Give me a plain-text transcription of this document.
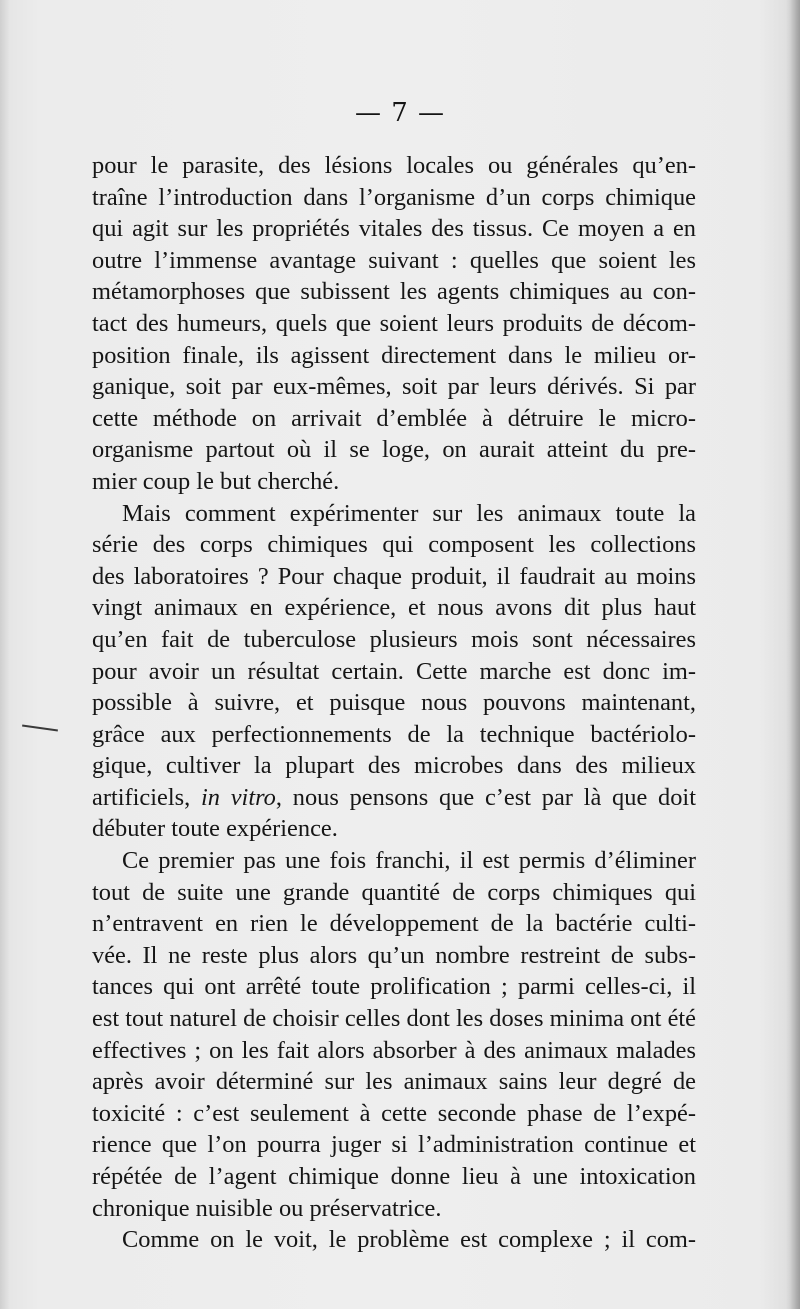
— 7 —
pour le parasite, des lésions locales ou générales qu’en-
traîne l’introduction dans l’organisme d’un corps chimique
qui agit sur les propriétés vitales des tissus. Ce moyen a en
outre l’immense avantage suivant : quelles que soient les
métamorphoses que subissent les agents chimiques au con-
tact des humeurs, quels que soient leurs produits de décom-
position finale, ils agissent directement dans le milieu or-
ganique, soit par eux-mêmes, soit par leurs dérivés. Si par
cette méthode on arrivait d’emblée à détruire le micro-
organisme partout où il se loge, on aurait atteint du pre-
mier coup le but cherché.
Mais comment expérimenter sur les animaux toute la
série des corps chimiques qui composent les collections
des laboratoires ? Pour chaque produit, il faudrait au moins
vingt animaux en expérience, et nous avons dit plus haut
qu’en fait de tuberculose plusieurs mois sont nécessaires
pour avoir un résultat certain. Cette marche est donc im-
possible à suivre, et puisque nous pouvons maintenant,
grâce aux perfectionnements de la technique bactériolo-
gique, cultiver la plupart des microbes dans des milieux
artificiels, in vitro, nous pensons que c’est par là que doit
débuter toute expérience.
Ce premier pas une fois franchi, il est permis d’éliminer
tout de suite une grande quantité de corps chimiques qui
n’entravent en rien le développement de la bactérie culti-
vée. Il ne reste plus alors qu’un nombre restreint de subs-
tances qui ont arrêté toute prolification ; parmi celles-ci, il
est tout naturel de choisir celles dont les doses minima ont été
effectives ; on les fait alors absorber à des animaux malades
après avoir déterminé sur les animaux sains leur degré de
toxicité : c’est seulement à cette seconde phase de l’expé-
rience que l’on pourra juger si l’administration continue et
répétée de l’agent chimique donne lieu à une intoxication
chronique nuisible ou préservatrice.
Comme on le voit, le problème est complexe ; il com-
